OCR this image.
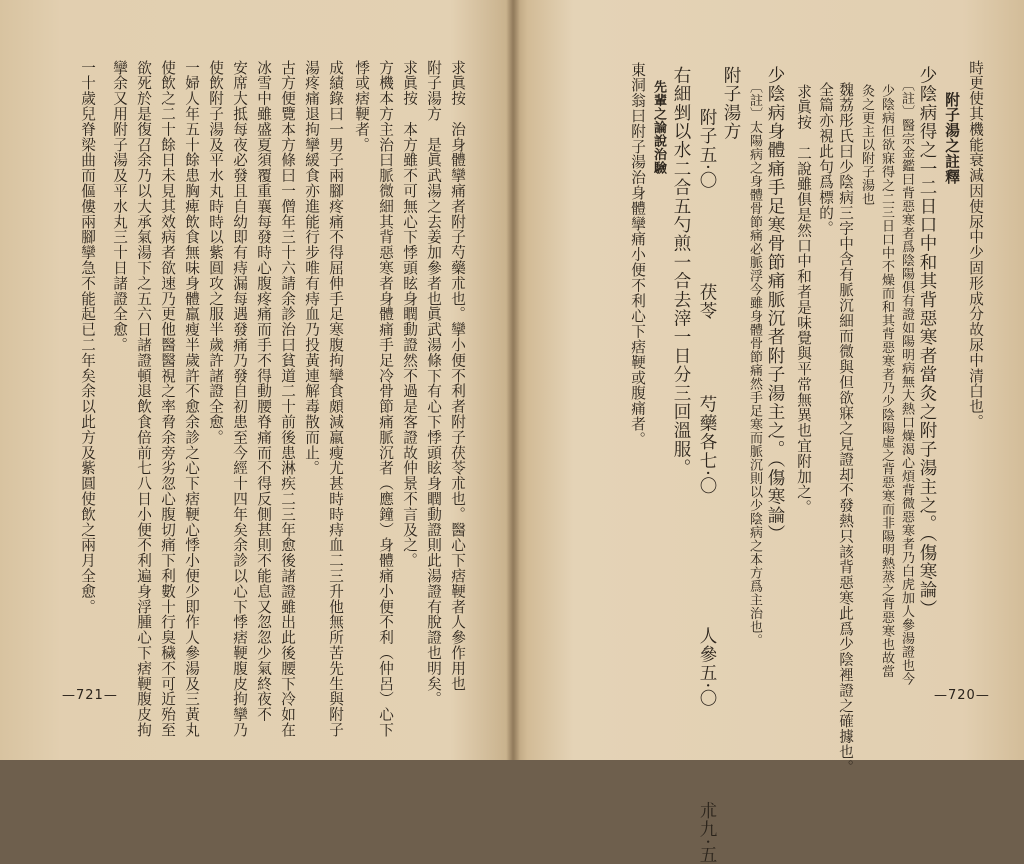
時更使其機能衰減因使尿中少固形成分故尿中清白也。
附子湯之註釋
少陰病得之一二日口中和其背惡寒者當灸之附子湯主之。（傷寒論）
〔註〕醫宗金鑑曰背惡寒者爲陰陽俱有證如陽明病無大熱口燥渴心煩背微惡寒者乃白虎加人參湯證也今
少陰病但欲寐得之二三日口中不燥而和其背惡寒者乃少陰陽虛之背惡寒而非陽明熱蒸之背惡寒也故當
灸之更主以附子湯也
魏荔彤氏曰少陰病三字中含有脈沉細而微與但欲寐之見證却不發熱只該背惡寒此爲少陰裡證之確據也。
全篇亦視此句爲標的。
求眞按　二說雖俱是然口中和者是味覺與平常無異也宜附加之。
少陰病身體痛手足寒骨節痛脈沉者附子湯主之。（傷寒論）
〔註〕太陽病之身體骨節痛必脈浮今雖身體骨節痛然手足寒而脈沉則以少陰病之本方爲主治也。
附子湯方
附子五·〇　　　　　茯苓　　　　芍藥各七·〇　　　　　　　人參五·〇　　　　　朮九·五
右細剉以水二合五勺煎一合去滓一日分三回溫服。
先輩之論說治驗
東洞翁曰附子湯治身體攣痛小便不利心下痞鞕或腹痛者。
—720—
求眞按　治身體攣痛者附子芍藥朮也。攣小便不利者附子茯苓朮也。醫心下痞鞕者人參作用也
附子湯方　是眞武湯之去姜加參者也眞武湯條下有心下悸頭眩身瞤動證則此湯證有脫證也明矣。
求眞按　本方雖不可無心下悸頭眩身瞤動證然不過是客證故仲景不言及之。
方機本方主治曰脈微細其背惡寒者身體痛手足冷骨節痛脈沉者（應鐘）身體痛小便不利（仲呂）心下
悸或痞鞕者。
成績錄曰一男子兩腳疼痛不得屈伸手足寒腹拘攣食頗減羸瘦尤甚時時痔血二三升他無所苦先生與附子
湯疼痛退拘攣緩食亦進能行步唯有痔血乃投黃連解毒散而止。
古方便覽本方條曰一僧年三十六請余診治曰貧道二十前後患淋疾二三年愈後諸證雖出此後腰下冷如在
冰雪中雖盛夏須覆重襄每發時心腹疼痛而手不得動腰脊痛而不得反側甚則不能息又忽忽少氣終夜不
安席大抵每夜必發且自幼即有痔漏每遇發痛乃發自初患至今經十四年矣余診以心下悸痞鞕腹皮拘攣乃
使飲附子湯及平水丸時時以紫圓攻之服半歲許諸證全愈。
一婦人年五十餘患胸痺飲食無味身體羸瘦半歲許不愈余診之心下痞鞕心悸小便少即作人參湯及三黃丸
使飲之二十餘日未見其效病者欲速乃更他醫醫視之率脅余旁劣忽心腹切痛下利數十行臭穢不可近殆至
欲死於是復召余乃以大承氣湯下之五六日諸證頓退飲食倍前七八日小便不利遍身浮腫心下痞鞕腹皮拘
攣余又用附子湯及平水丸三十日諸證全愈。
一十歲兒脊梁曲而傴僂兩腳攣急不能起已二年矣余以此方及紫圓使飲之兩月全愈。
—721—
